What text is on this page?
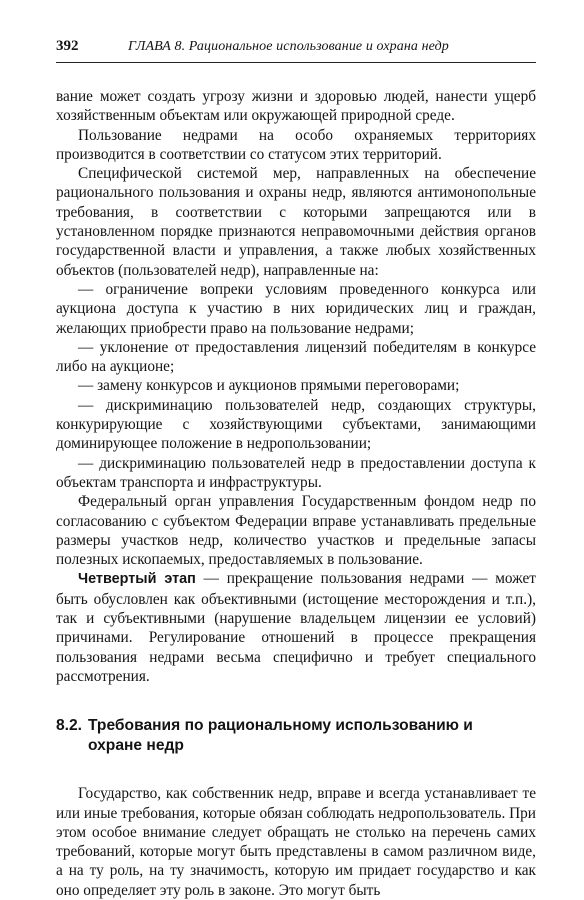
392	ГЛАВА 8. Рациональное использование и охрана недр

вание может создать угрозу жизни и здоровью людей, нанести ущерб хозяйственным объектам или окружающей природной среде.

Пользование недрами на особо охраняемых территориях производится в соответствии со статусом этих территорий.

Специфической системой мер, направленных на обеспечение рационального пользования и охраны недр, являются антимонопольные требования, в соответствии с которыми запрещаются или в установленном порядке признаются неправомочными действия органов государственной власти и управления, а также любых хозяйственных объектов (пользователей недр), направленные на:

— ограничение вопреки условиям проведенного конкурса или аукциона доступа к участию в них юридических лиц и граждан, желающих приобрести право на пользование недрами;

— уклонение от предоставления лицензий победителям в конкурсе либо на аукционе;

— замену конкурсов и аукционов прямыми переговорами;

— дискриминацию пользователей недр, создающих структуры, конкурирующие с хозяйствующими субъектами, занимающими доминирующее положение в недропользовании;

— дискриминацию пользователей недр в предоставлении доступа к объектам транспорта и инфраструктуры.

Федеральный орган управления Государственным фондом недр по согласованию с субъектом Федерации вправе устанавливать предельные размеры участков недр, количество участков и предельные запасы полезных ископаемых, предоставляемых в пользование.

Четвертый этап — прекращение пользования недрами — может быть обусловлен как объективными (истощение месторождения и т.п.), так и субъективными (нарушение владельцем лицензии ее условий) причинами. Регулирование отношений в процессе прекращения пользования недрами весьма специфично и требует специального рассмотрения.

8.2. Требования по рациональному использованию и охране недр

Государство, как собственник недр, вправе и всегда устанавливает те или иные требования, которые обязан соблюдать недропользователь. При этом особое внимание следует обращать не столько на перечень самих требований, которые могут быть представлены в самом различном виде, а на ту роль, на ту значимость, которую им придает государство и как оно определяет эту роль в законе. Это могут быть
